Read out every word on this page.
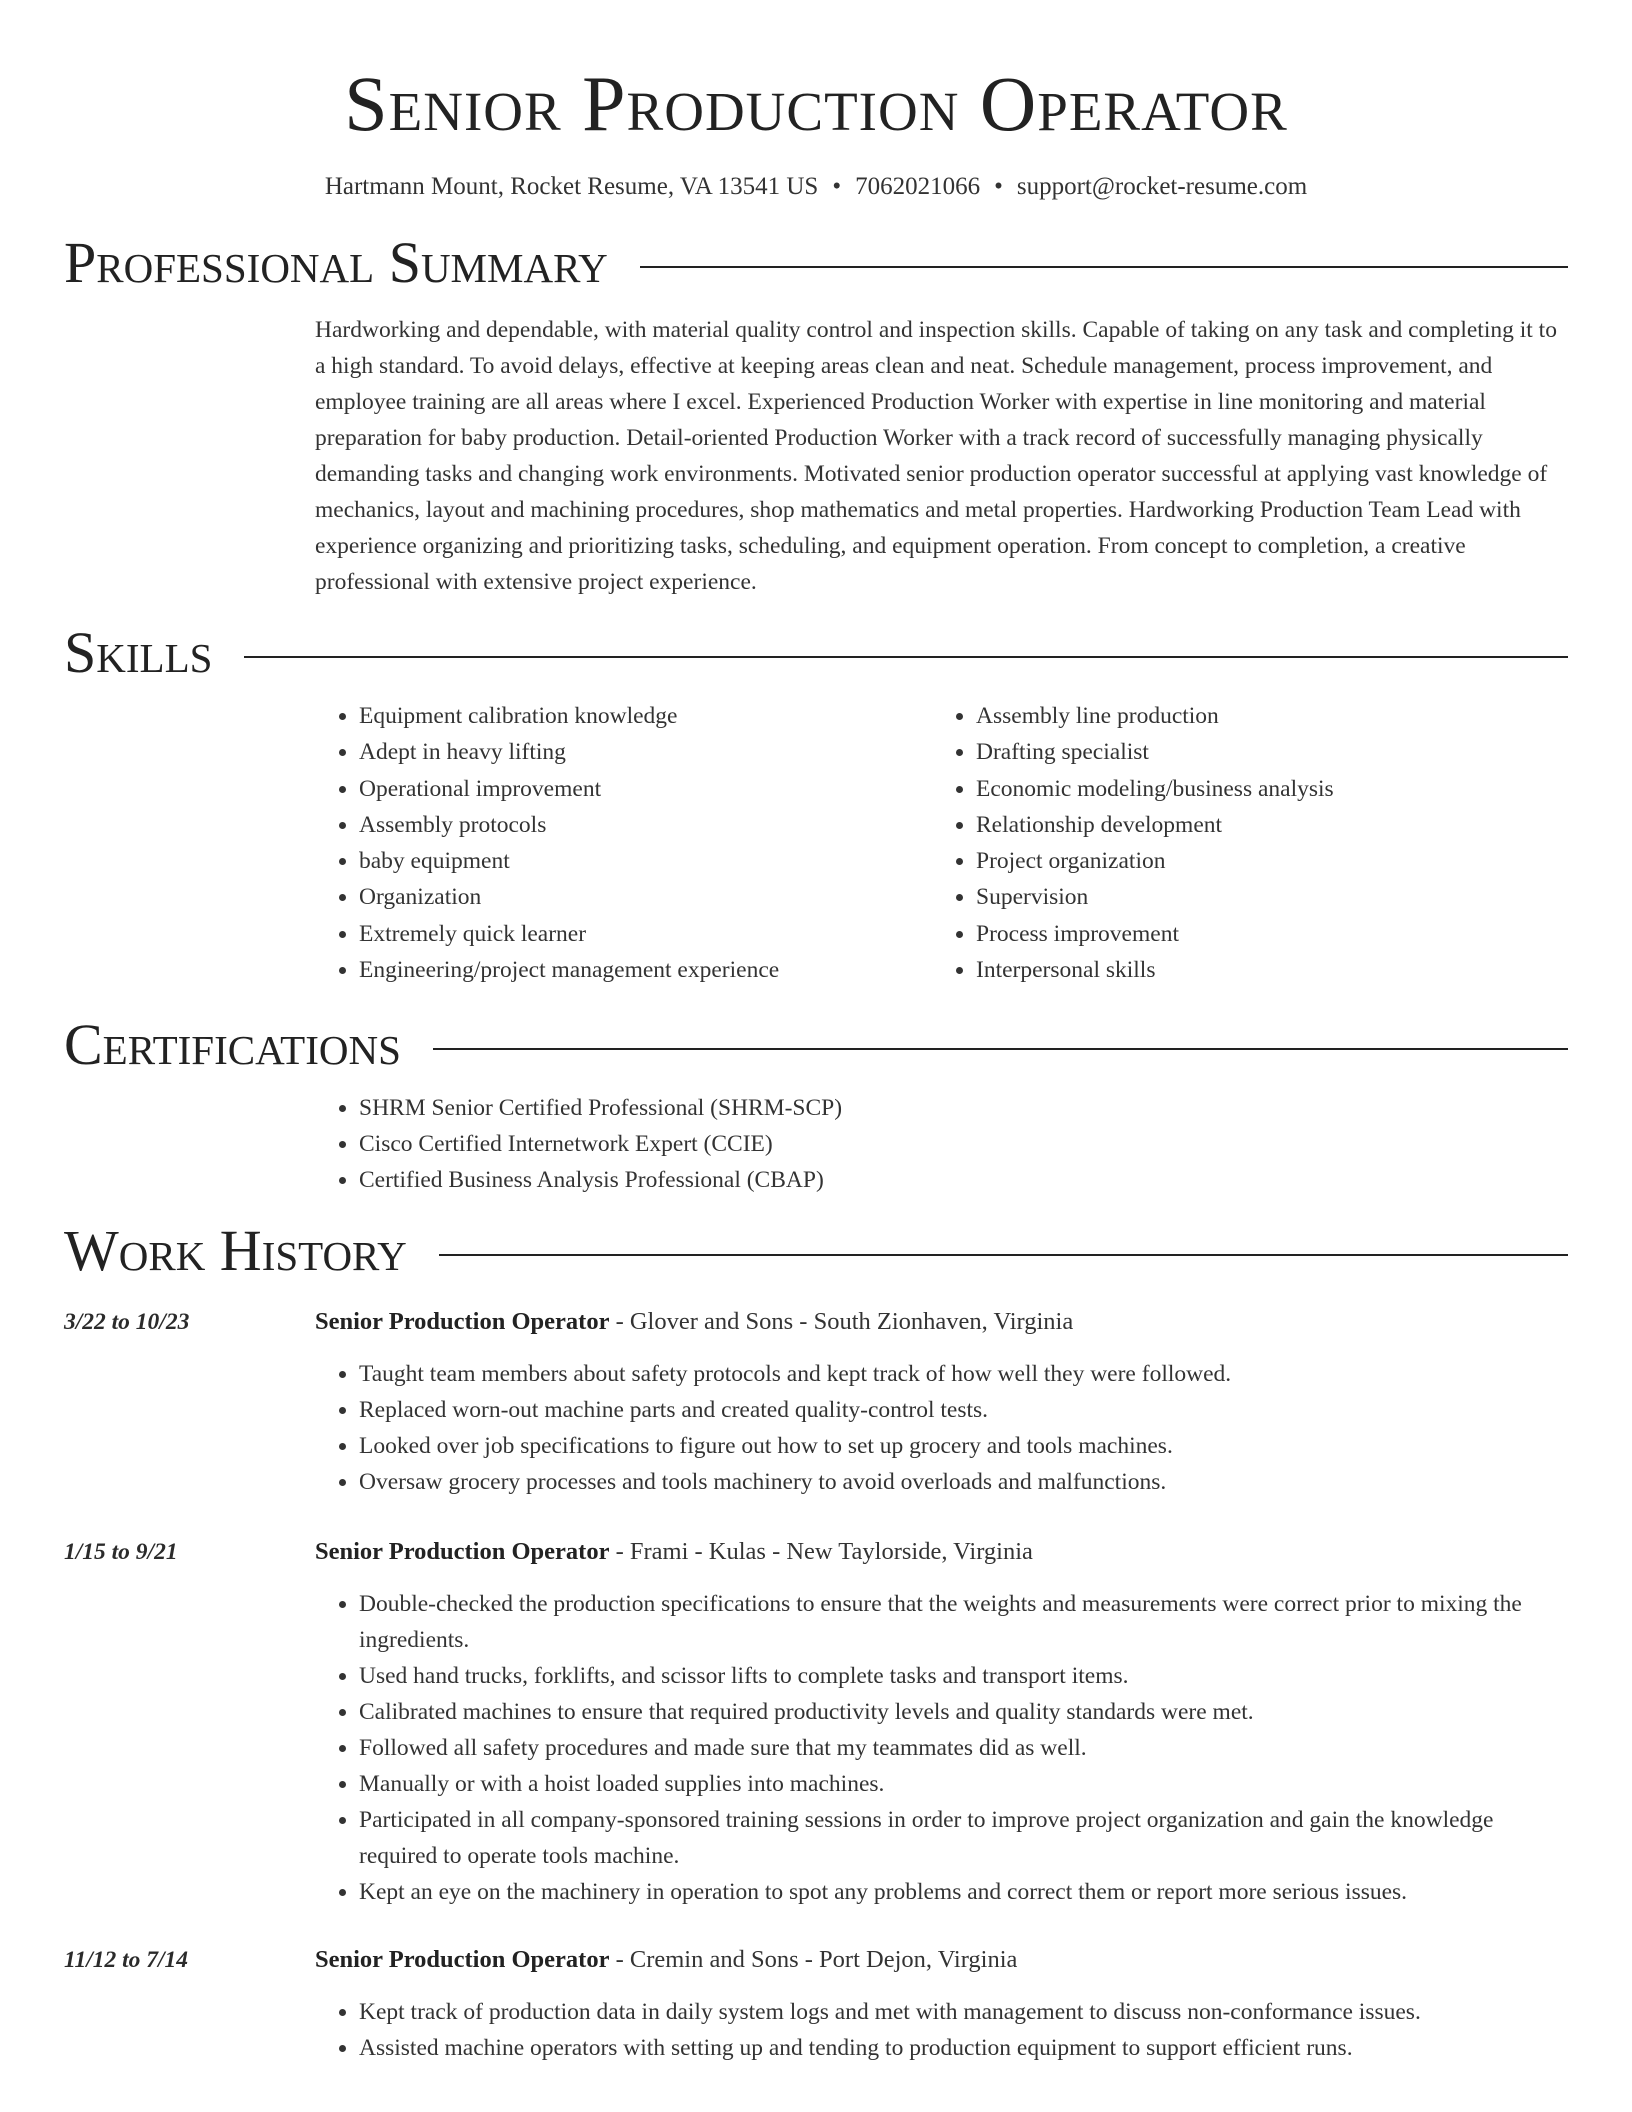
Senior Production Operator
Hartmann Mount, Rocket Resume, VA 13541 US • 7062021066 • support@rocket-resume.com
Professional Summary
Hardworking and dependable, with material quality control and inspection skills. Capable of taking on any task and completing it to a high standard. To avoid delays, effective at keeping areas clean and neat. Schedule management, process improvement, and employee training are all areas where I excel. Experienced Production Worker with expertise in line monitoring and material preparation for baby production. Detail-oriented Production Worker with a track record of successfully managing physically demanding tasks and changing work environments. Motivated senior production operator successful at applying vast knowledge of mechanics, layout and machining procedures, shop mathematics and metal properties. Hardworking Production Team Lead with experience organizing and prioritizing tasks, scheduling, and equipment operation. From concept to completion, a creative professional with extensive project experience.
Skills
• Equipment calibration knowledge
• Adept in heavy lifting
• Operational improvement
• Assembly protocols
• baby equipment
• Organization
• Extremely quick learner
• Engineering/project management experience
• Assembly line production
• Drafting specialist
• Economic modeling/business analysis
• Relationship development
• Project organization
• Supervision
• Process improvement
• Interpersonal skills
Certifications
• SHRM Senior Certified Professional (SHRM-SCP)
• Cisco Certified Internetwork Expert (CCIE)
• Certified Business Analysis Professional (CBAP)
Work History
3/22 to 10/23	Senior Production Operator - Glover and Sons - South Zionhaven, Virginia
• Taught team members about safety protocols and kept track of how well they were followed.
• Replaced worn-out machine parts and created quality-control tests.
• Looked over job specifications to figure out how to set up grocery and tools machines.
• Oversaw grocery processes and tools machinery to avoid overloads and malfunctions.
1/15 to 9/21	Senior Production Operator - Frami - Kulas - New Taylorside, Virginia
• Double-checked the production specifications to ensure that the weights and measurements were correct prior to mixing the ingredients.
• Used hand trucks, forklifts, and scissor lifts to complete tasks and transport items.
• Calibrated machines to ensure that required productivity levels and quality standards were met.
• Followed all safety procedures and made sure that my teammates did as well.
• Manually or with a hoist loaded supplies into machines.
• Participated in all company-sponsored training sessions in order to improve project organization and gain the knowledge required to operate tools machine.
• Kept an eye on the machinery in operation to spot any problems and correct them or report more serious issues.
11/12 to 7/14	Senior Production Operator - Cremin and Sons - Port Dejon, Virginia
• Kept track of production data in daily system logs and met with management to discuss non-conformance issues.
• Assisted machine operators with setting up and tending to production equipment to support efficient runs.
